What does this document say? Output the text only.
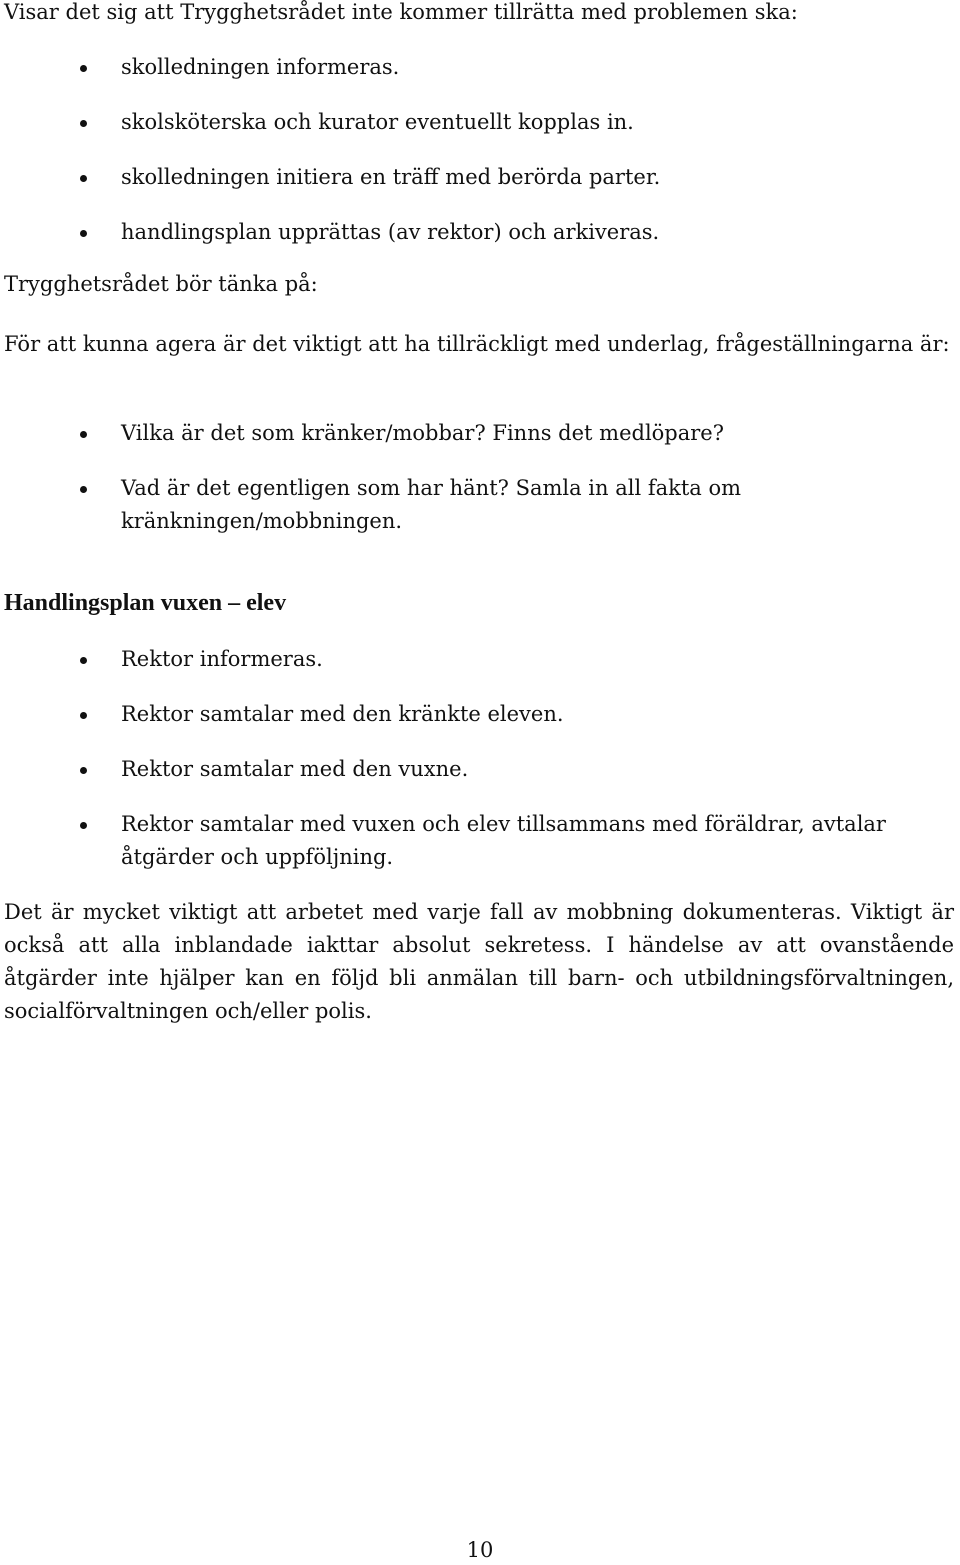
Visar det sig att Trygghetsrådet inte kommer tillrätta med problemen ska:

skolledningen informeras.
skolsköterska och kurator eventuellt kopplas in.
skolledningen initiera en träff med berörda parter.
handlingsplan upprättas (av rektor) och arkiveras.

Trygghetsrådet bör tänka på:

För att kunna agera är det viktigt att ha tillräckligt med underlag, frågeställningarna är:

Vilka är det som kränker/mobbar? Finns det medlöpare?
Vad är det egentligen som har hänt? Samla in all fakta om kränkningen/mobbningen.
Handlingsplan vuxen – elev
Rektor informeras.
Rektor samtalar med den kränkte eleven.
Rektor samtalar med den vuxne.
Rektor samtalar med vuxen och elev tillsammans med föräldrar, avtalar åtgärder och uppföljning.

Det är mycket viktigt att arbetet med varje fall av mobbning dokumenteras. Viktigt är också att alla inblandade iakttar absolut sekretess. I händelse av att ovanstående åtgärder inte hjälper kan en följd bli anmälan till barn- och utbildningsförvaltningen, socialförvaltningen och/eller polis.

10
